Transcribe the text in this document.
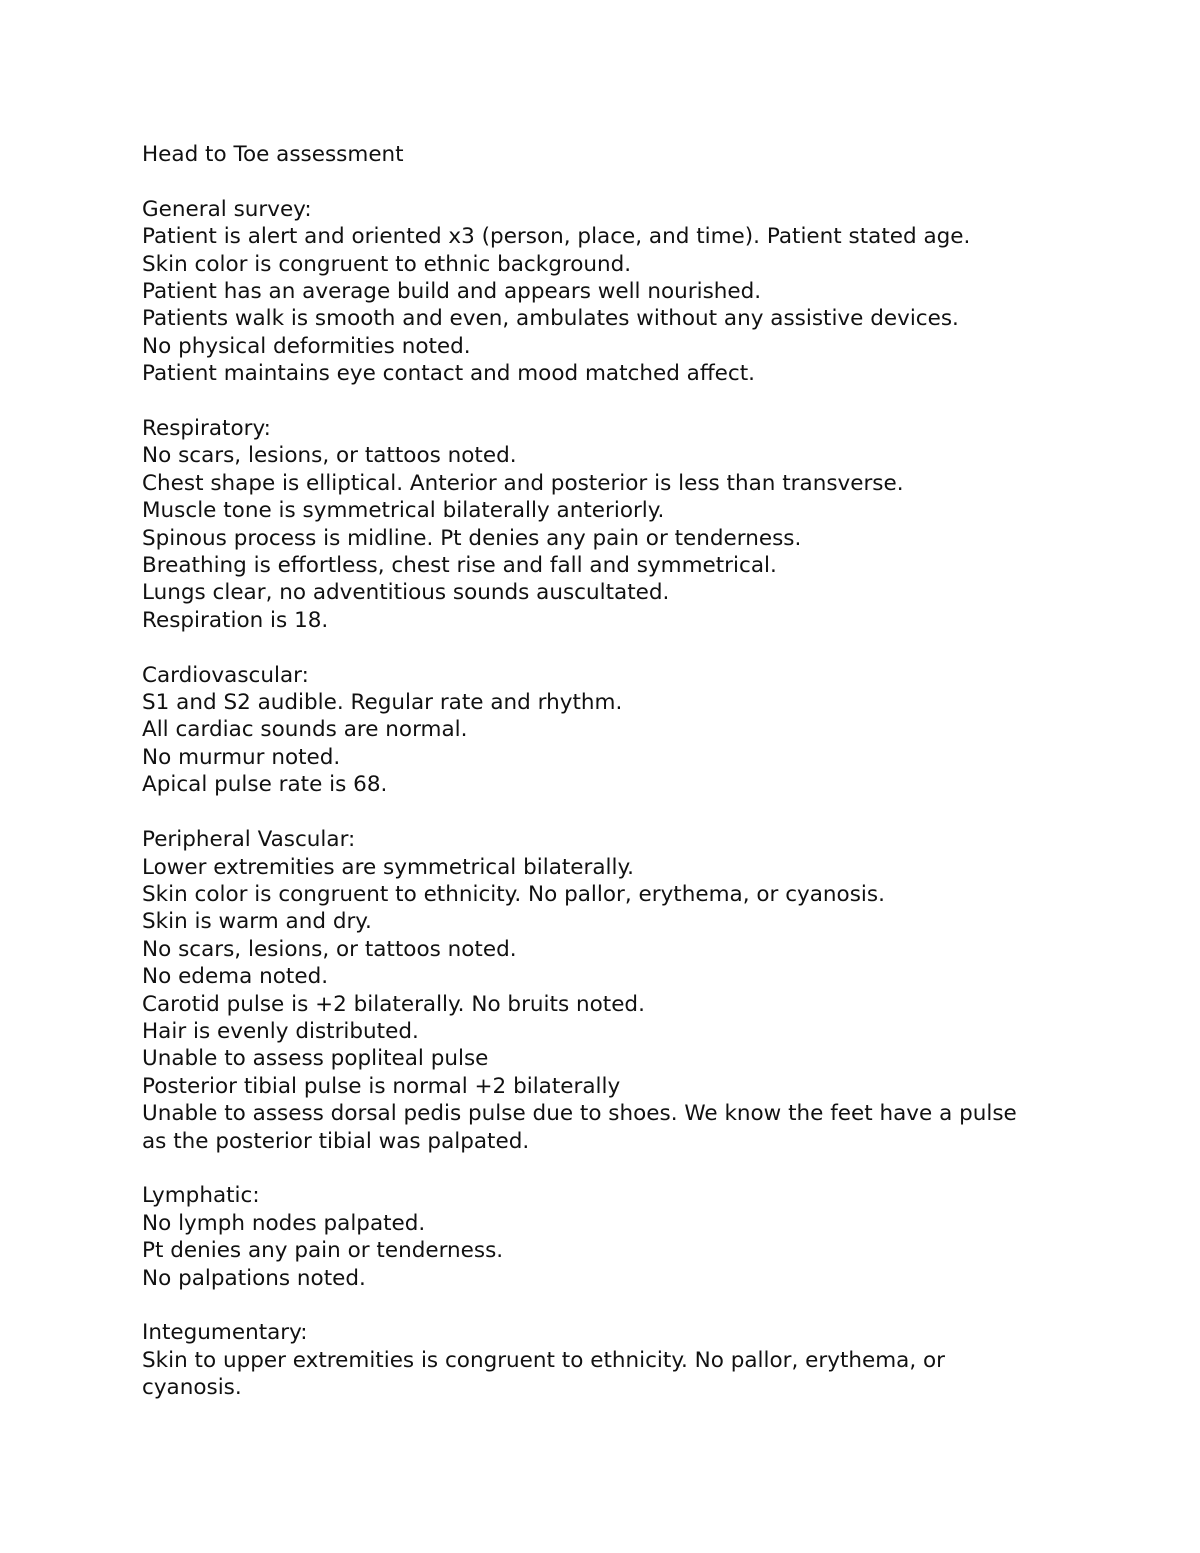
Head to Toe assessment
General survey:
Patient is alert and oriented x3 (person, place, and time). Patient stated age.
Skin color is congruent to ethnic background.
Patient has an average build and appears well nourished.
Patients walk is smooth and even, ambulates without any assistive devices.
No physical deformities noted.
Patient maintains eye contact and mood matched affect.
Respiratory:
No scars, lesions, or tattoos noted.
Chest shape is elliptical. Anterior and posterior is less than transverse.
Muscle tone is symmetrical bilaterally anteriorly.
Spinous process is midline. Pt denies any pain or tenderness.
Breathing is effortless, chest rise and fall and symmetrical.
Lungs clear, no adventitious sounds auscultated.
Respiration is 18.
Cardiovascular:
S1 and S2 audible. Regular rate and rhythm.
All cardiac sounds are normal.
No murmur noted.
Apical pulse rate is 68.
Peripheral Vascular:
Lower extremities are symmetrical bilaterally.
Skin color is congruent to ethnicity. No pallor, erythema, or cyanosis.
Skin is warm and dry.
No scars, lesions, or tattoos noted.
No edema noted.
Carotid pulse is +2 bilaterally. No bruits noted.
Hair is evenly distributed.
Unable to assess popliteal pulse
Posterior tibial pulse is normal +2 bilaterally
Unable to assess dorsal pedis pulse due to shoes. We know the feet have a pulse as the posterior tibial was palpated.
Lymphatic:
No lymph nodes palpated.
Pt denies any pain or tenderness.
No palpations noted.
Integumentary:
Skin to upper extremities is congruent to ethnicity. No pallor, erythema, or cyanosis.
